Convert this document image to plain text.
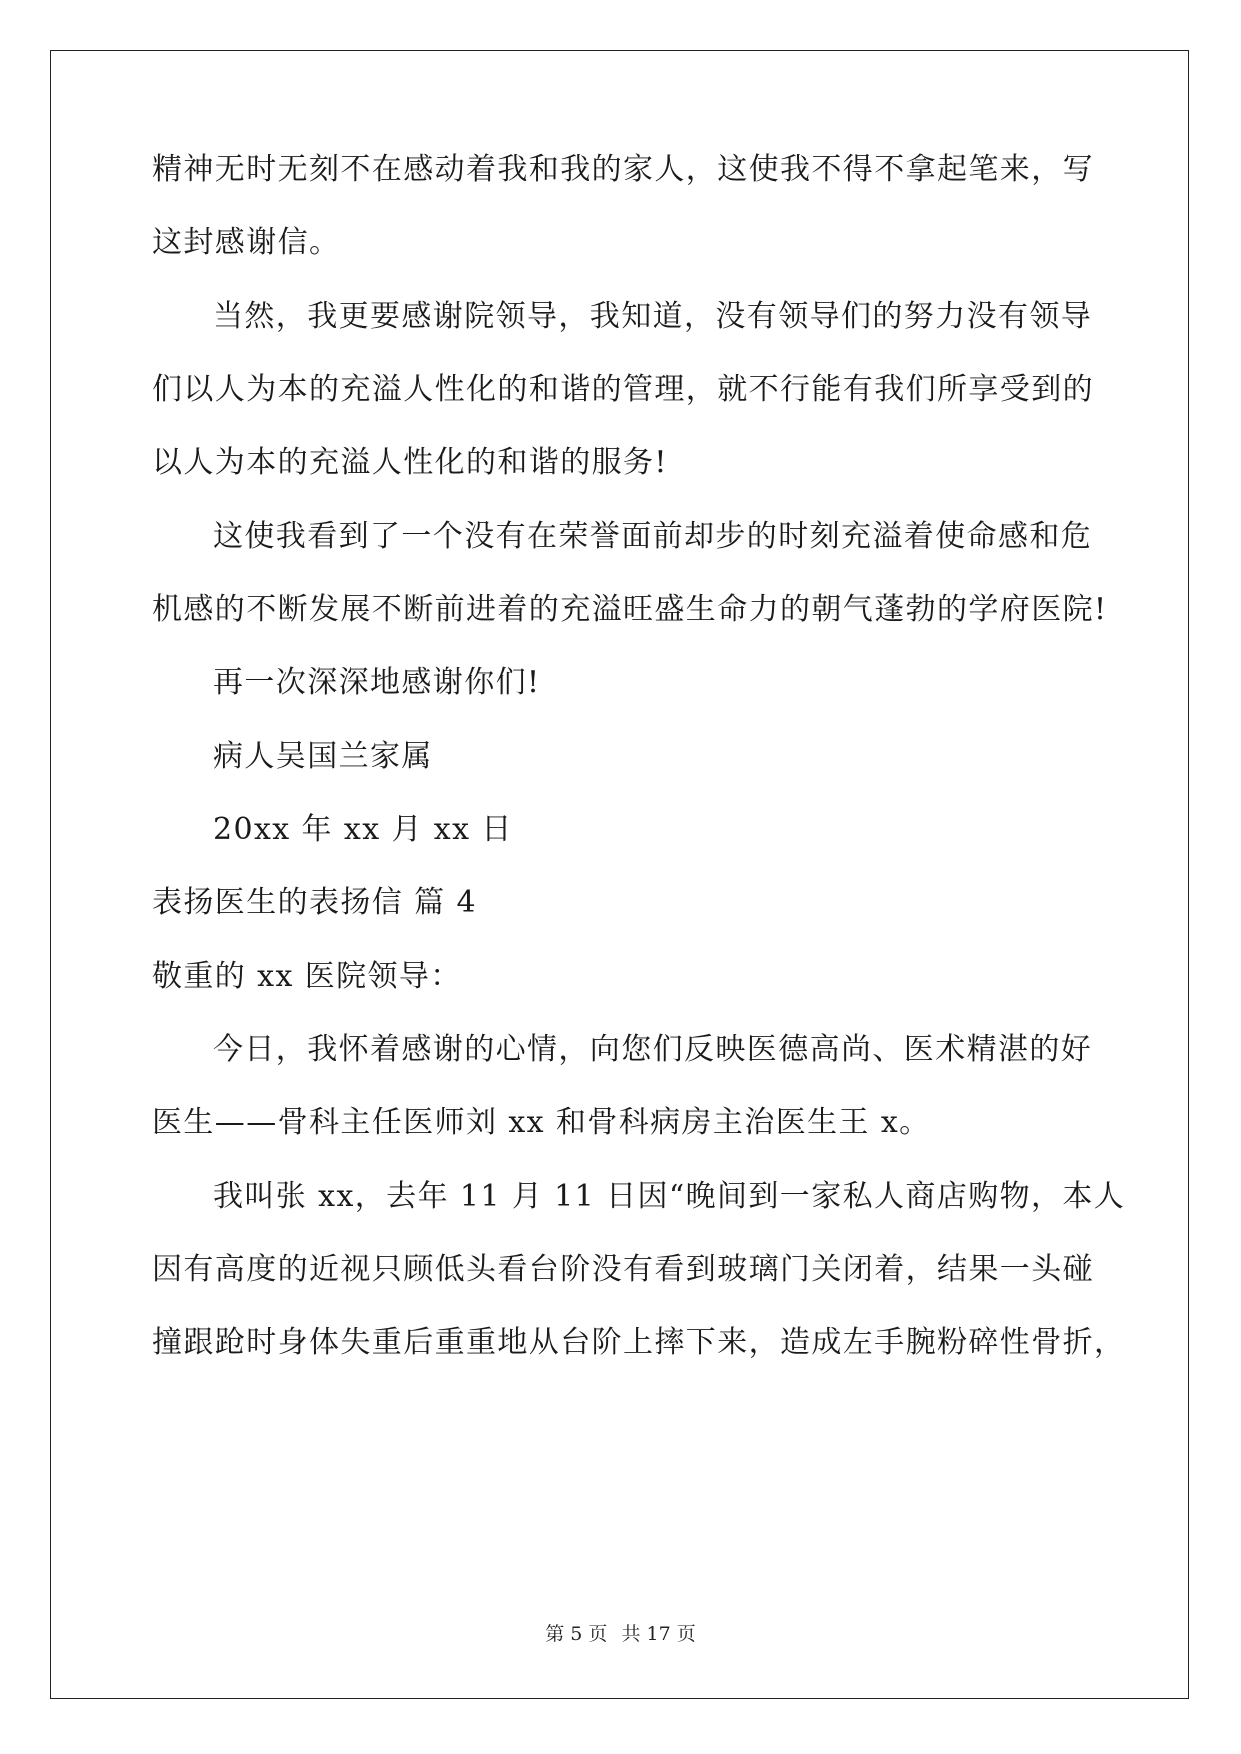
精神无时无刻不在感动着我和我的家人，这使我不得不拿起笔来，写
这封感谢信。
当然，我更要感谢院领导，我知道，没有领导们的努力没有领导
们以人为本的充溢人性化的和谐的管理，就不行能有我们所享受到的
以人为本的充溢人性化的和谐的服务!
这使我看到了一个没有在荣誉面前却步的时刻充溢着使命感和危
机感的不断发展不断前进着的充溢旺盛生命力的朝气蓬勃的学府医院!
再一次深深地感谢你们!
病人吴国兰家属
20xx 年 xx 月 xx 日
表扬医生的表扬信 篇 4
敬重的 xx 医院领导：
今日，我怀着感谢的心情，向您们反映医德高尚、医术精湛的好
医生——骨科主任医师刘 xx 和骨科病房主治医生王 x。
我叫张 xx，去年 11 月 11 日因“晚间到一家私人商店购物，本人
因有高度的近视只顾低头看台阶没有看到玻璃门关闭着，结果一头碰
撞跟跄时身体失重后重重地从台阶上摔下来，造成左手腕粉碎性骨折，
第 5 页 共 17 页
